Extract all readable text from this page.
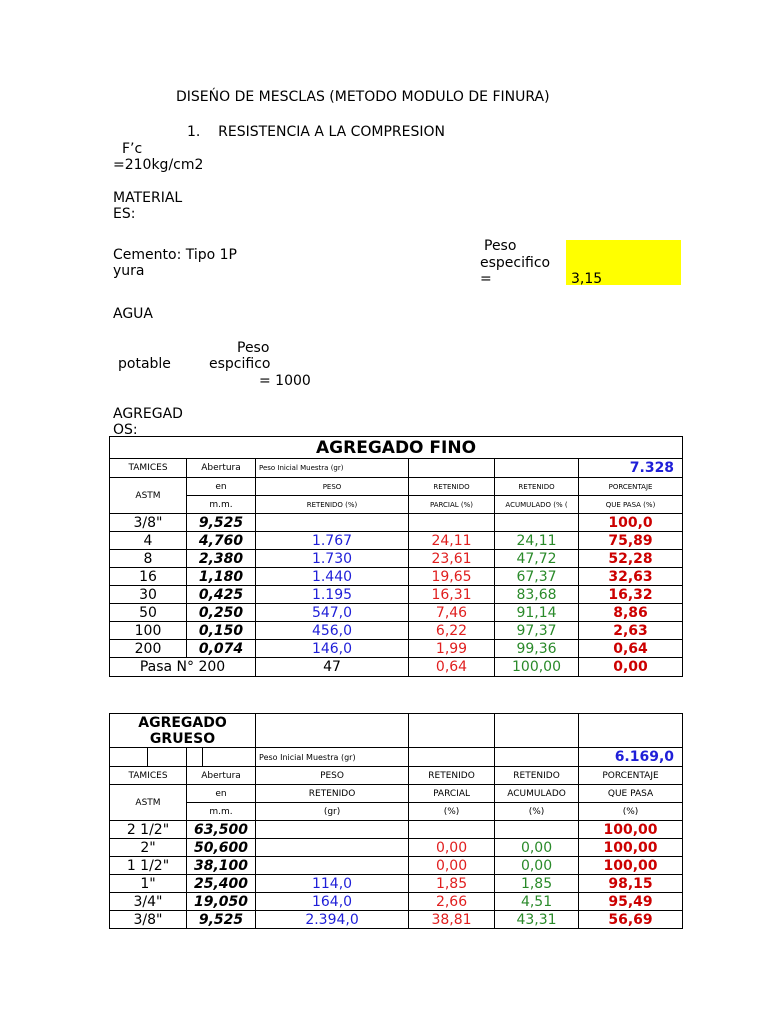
DISEŃO DE MESCLAS (METODO MODULO DE FINURA)
1.    RESISTENCIA A LA COMPRESION
F’c
=210kg/cm2
MATERIAL
ES:
Cemento: Tipo 1P
yura
Peso
especifico
=	3,15
AGUA
Peso
potable	espcifico
= 1000
AGREGAD
OS:
AGREGADO FINO					
TAMICES	Abertura	Peso Inicial Muestra (gr)			7.328
ASTM	en	PESO	RETENIDO	RETENIDO	PORCENTAJE
	m.m.	RETENIDO (%)	PARCIAL (%)	ACUMULADO (% (	QUE PASA (%)
3/8"	9,525				100,0
4	4,760	1.767	24,11	24,11	75,89
8	2,380	1.730	23,61	47,72	52,28
16	1,180	1.440	19,65	67,37	32,63
30	0,425	1.195	16,31	83,68	16,32
50	0,250	547,0	7,46	91,14	8,86
100	0,150	456,0	6,22	97,37	2,63
200	0,074	146,0	1,99	99,36	0,64
Pasa N° 200		47	0,64	100,00	0,00
AGREGADO
GRUESO							

				Peso Inicial Muestra (gr)			6.169,0
TAMICES		Abertura		PESO	RETENIDO	RETENIDO	PORCENTAJE
ASTM		en		RETENIDO	PARCIAL	ACUMULADO	QUE PASA
		m.m.		(gr)	(%)	(%)	(%)
2 1/2"		63,500					100,00
2"		50,600			0,00	0,00	100,00
1 1/2"		38,100			0,00	0,00	100,00
1"		25,400		114,0	1,85	1,85	98,15
3/4"		19,050		164,0	2,66	4,51	95,49
3/8"		9,525		2.394,0	38,81	43,31	56,69
